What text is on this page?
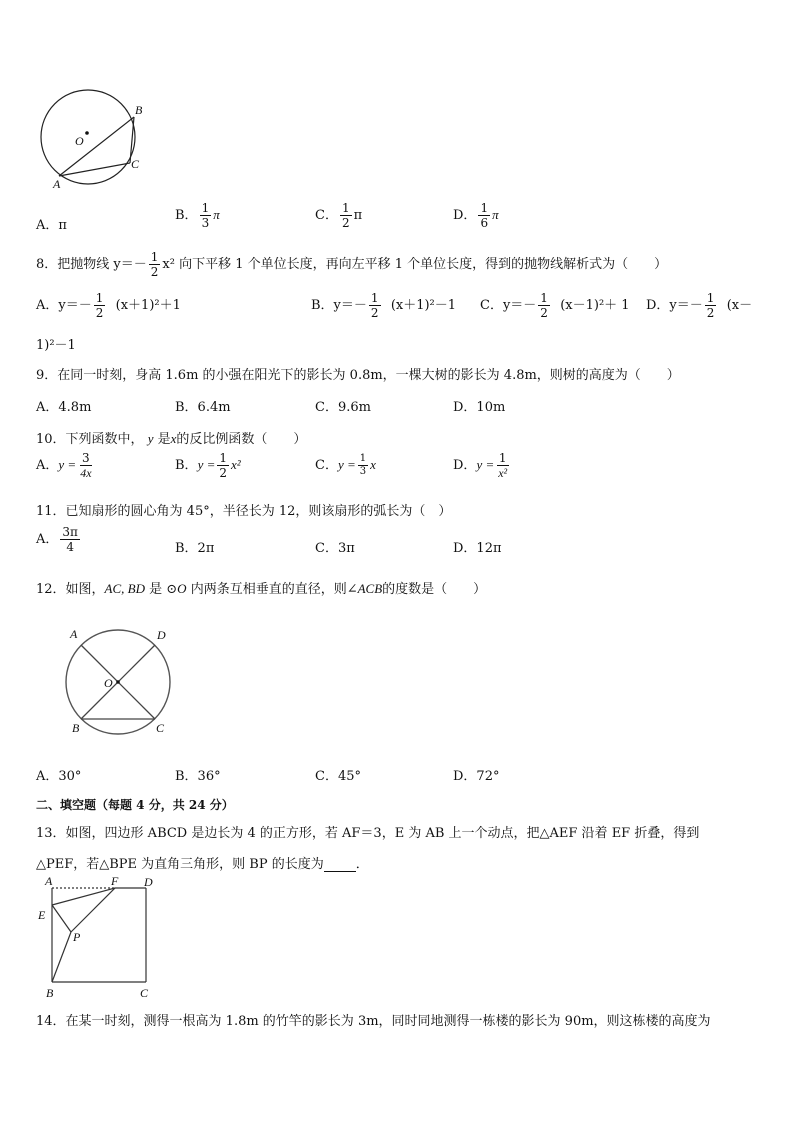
O
B
C
A
A．π
B． $\frac{1}{3}$ π	C． $\frac{1}{2}$ π	D． $\frac{1}{6}$ π
8．把抛物线 $y=- \frac{1}{2} x^2$ 向下平移 1 个单位长度，再向左平移 1 个单位长度，得到的抛物线解析式为（　　）
A．$y=- \frac{1}{2} (x+1)^2+1$	B．$y=- \frac{1}{2} (x+1)^2-1$ C．$y=- \frac{1}{2} (x-1)^2+ 1$ D．$y=- \frac{1}{2} (x-$
1)²－1
9．在同一时刻，身高 1.6m 的小强在阳光下的影长为 0.8m，一棵大树的影长为 4.8m，则树的高度为（　　）
A．4.8m	B．6.4m	C．9.6m	D．10m
10．下列函数中， y 是x的反比例函数（　　）
A．$y = \frac{3}{4x}$	B．$y = \frac{1}{2} x^2$	C．$y = \frac{1}{3}$ x	D．$y = \frac{1}{\text{x²}}$
11．已知扇形的圆心角为 45°，半径长为 12，则该扇形的弧长为（　）
A． $\frac{3\pi}{4}$	B．2π	C．3π	D．12π
12．如图，AC, BD 是 ⊙O 内两条互相垂直的直径，则∠ACB的度数是（　　）
A	D
O
B	C
A．30°	B．36°	C．45°	D．72°
二、填空题（每题 4 分，共 24 分）
13．如图，四边形 ABCD 是边长为 4 的正方形，若 AF＝3，E 为 AB 上一个动点，把△AEF 沿着 EF 折叠，得到
△PEF，若△BPE 为直角三角形，则 BP 的长度为 ．
A	F D
E
P
B	C
14．在某一时刻，测得一根高为 1.8m 的竹竿的影长为 3m，同时同地测得一栋楼的影长为 90m，则这栋楼的高度为
